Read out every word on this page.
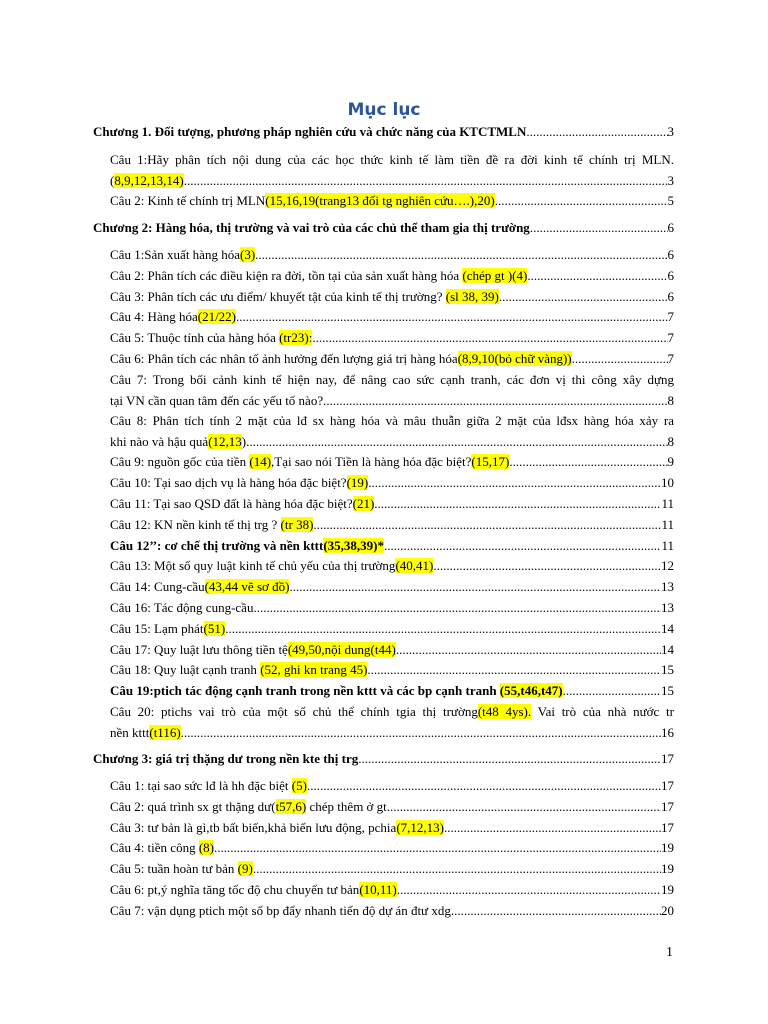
Mục lục
Chương 1. Đối tượng, phương pháp nghiên cứu và chức năng của KTCTMLN .....	3
Câu 1:Hãy phân tích nội dung của các học thức kinh tế làm tiền đề ra đời kinh tế chính trị MLN.
(8,9,12,13,14) .....	3
Câu 2: Kinh tế chính trị MLN(15,16,19(trang13 đối tg nghiên cứu….),20) .....	5
Chương 2: Hàng hóa, thị trường và vai trò của các chủ thể tham gia thị trường .....	6
Câu 1:Sản xuất hàng hóa(3) .....	6
Câu 2: Phân tích các điều kiện ra đời, tồn tại của sản xuất hàng hóa (chép gt )(4) .....	6
Câu 3: Phân tích các ưu điểm/ khuyết tật của kinh tế thị trường? (sl 38, 39) .....	6
Câu 4: Hàng hóa(21/22) .....	7
Câu 5: Thuộc tính của hàng hóa (tr23): .....	7
Câu 6: Phân tích các nhân tố ảnh hưởng đến lượng giá trị hàng hóa(8,9,10(bỏ chữ vàng)) .....	7
Câu 7: Trong bối cảnh kinh tế hiện nay, để nâng cao sức cạnh tranh, các đơn vị thi công xây dựng
tại VN cần quan tâm đến các yếu tố nào? .....	8
Câu 8: Phân tích tính 2 mặt của lđ sx hàng hóa và mâu thuẫn giữa 2 mặt của lđsx hàng hóa xảy ra
khi nào và hậu quả(12,13) .....	8
Câu 9: nguồn gốc của tiền (14),Tại sao nói Tiền là hàng hóa đặc biệt?(15,17) .....	9
Câu 10: Tại sao dịch vụ là hàng hóa đặc biệt?(19) .....	10
Câu 11: Tại sao QSD đất là hàng hóa đặc biệt?(21) .....	11
Câu 12: KN nền kinh tế thị trg ? (tr 38) .....	11
Câu 12’’: cơ chế thị trường và nền kttt(35,38,39)* .....	11
Câu 13: Một số quy luật kinh tế chủ yếu của thị trường(40,41) .....	12
Câu 14: Cung-cầu(43,44 vẽ sơ đồ) .....	13
Câu 16: Tác động cung-cầu .....	13
Câu 15: Lạm phát(51) .....	14
Câu 17: Quy luật lưu thông tiền tệ(49,50,nội dung(t44) .....	14
Câu 18: Quy luật cạnh tranh (52, ghi kn trang 45) .....	15
Câu 19:ptich tác động cạnh tranh trong nền kttt và các bp cạnh tranh (55,t46,t47) .....	15
Câu 20: ptichs vai trò của một số chủ thể chính tgia thị trường(t48 4ys). Vai trò của nhà nước tr
nền kttt(t116) .....	16
Chương 3: giá trị thặng dư trong nền kte thị trg .....	17
Câu 1: tại sao sức lđ là hh đặc biệt (5) .....	17
Câu 2: quá trình sx gt thặng dư(t57,6) chép thêm ở gt .....	17
Câu 3: tư bản là gì,tb bất biến,khả biến lưu động, pchia(7,12,13) .....	17
Câu 4: tiền công (8) .....	19
Câu 5: tuần hoàn tư bản (9) .....	19
Câu 6: pt,ý nghĩa tăng tốc độ chu chuyển tư bản(10,11) .....	19
Câu 7: vận dụng ptich một số bp đẩy nhanh tiến độ dự án đtư xdg .....	20
1
